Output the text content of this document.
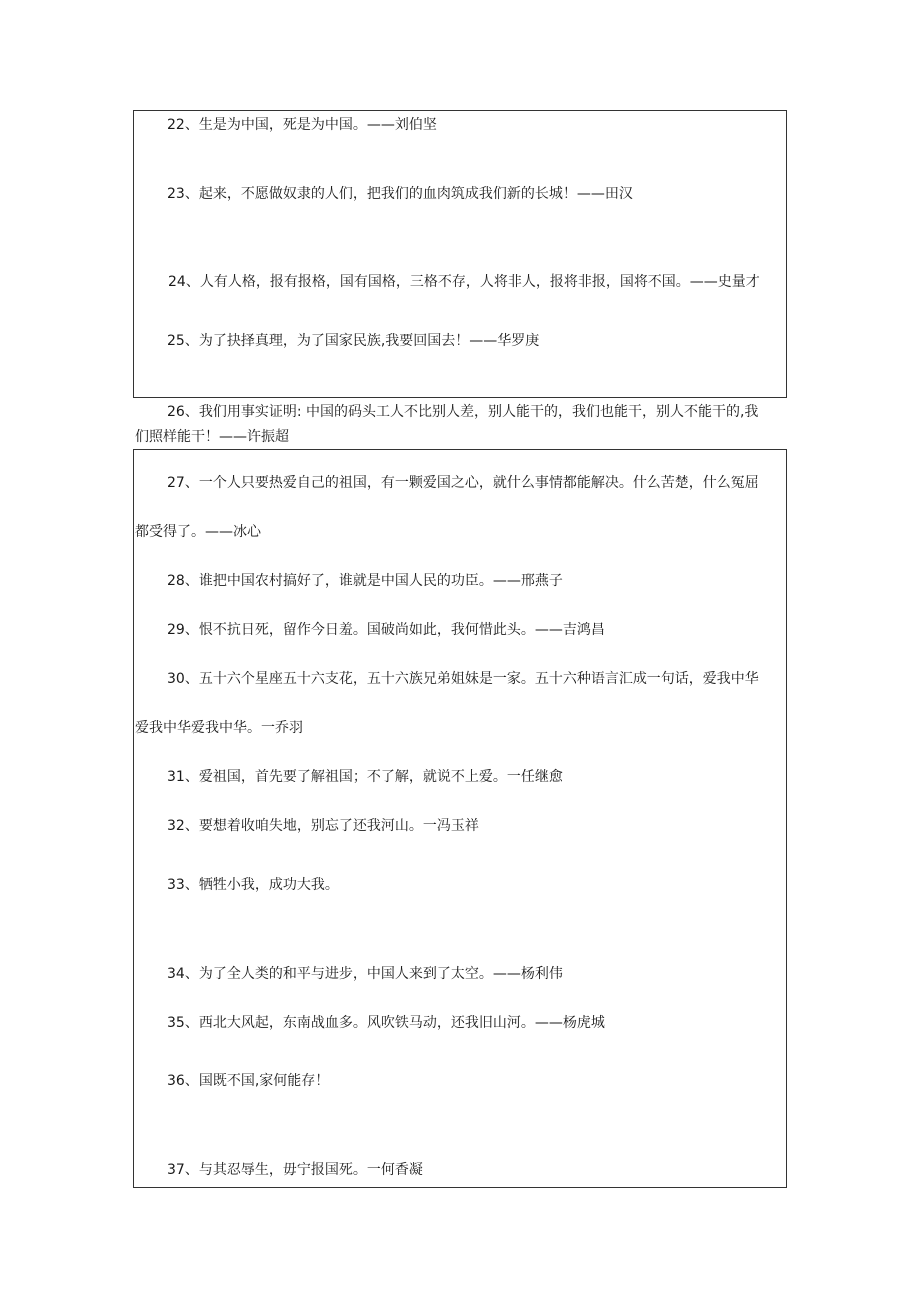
22、生是为中国，死是为中国。——刘伯坚
23、起来，不愿做奴隶的人们，把我们的血肉筑成我们新的长城！——田汉
24、人有人格，报有报格，国有国格，三格不存，人将非人，报将非报，国将不国。——史量才
25、为了抉择真理，为了国家民族,我要回国去！——华罗庚
26、我们用事实证明: 中国的码头工人不比别人差，别人能干的，我们也能干，别人不能干的,我
们照样能干！——许振超
27、一个人只要热爱自己的祖国，有一颗爱国之心，就什么事情都能解决。什么苦楚，什么冤屈
都受得了。——冰心
28、谁把中国农村搞好了，谁就是中国人民的功臣。——邢燕子
29、恨不抗日死，留作今日羞。国破尚如此，我何惜此头。——吉鸿昌
30、五十六个星座五十六支花，五十六族兄弟姐妹是一家。五十六种语言汇成一句话，爱我中华
爱我中华爱我中华。一乔羽
31、爱祖国，首先要了解祖国；不了解，就说不上爱。一任继愈
32、要想着收咱失地，别忘了还我河山。一冯玉祥
33、牺牲小我，成功大我。
34、为了全人类的和平与进步，中国人来到了太空。——杨利伟
35、西北大风起，东南战血多。风吹铁马动，还我旧山河。——杨虎城
36、国既不国,家何能存！
37、与其忍辱生，毋宁报国死。一何香凝
